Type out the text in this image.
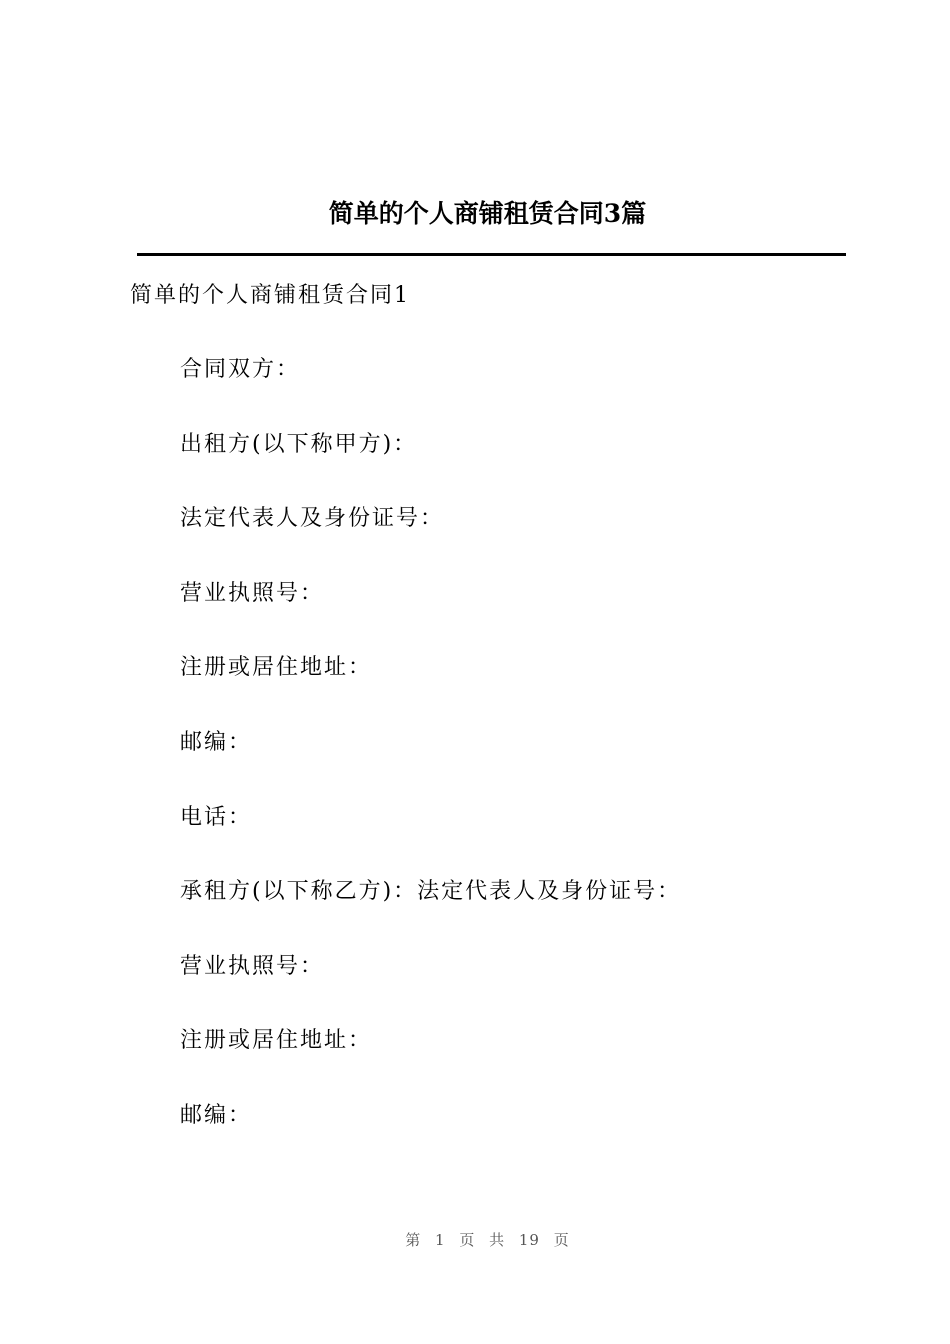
简单的个人商铺租赁合同3篇
简单的个人商铺租赁合同1
合同双方：
出租方(以下称甲方)：
法定代表人及身份证号：
营业执照号：
注册或居住地址：
邮编：
电话：
承租方(以下称乙方)：法定代表人及身份证号：
营业执照号：
注册或居住地址：
邮编：
第 1 页 共 19 页
